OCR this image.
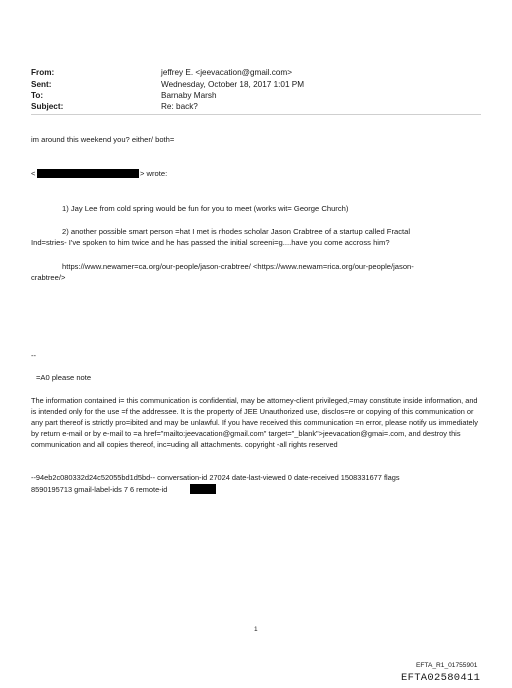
From:	jeffrey E. <jeevacation@gmail.com>
Sent:	Wednesday, October 18, 2017 1:01 PM
To:	Barnaby Marsh
Subject:	Re: back?
im around this weekend you? either/ both=
<	> wrote:
1) Jay Lee from cold spring would be fun for you to meet (works wit= George Church)
2) another possible smart person =hat I met is rhodes scholar Jason Crabtree of a startup called Fractal
Ind=stries- I've spoken to him twice and he has passed the initial screeni=g....have you come accross him?
https://www.newamer=ca.org/our-people/jason-crabtree/ <https://www.newam=rica.org/our-people/jason-
crabtree/>
--
=A0 please note
The information contained i= this communication is confidential, may be attorney-client privileged,=may constitute inside information, and is intended only for the use =f the addressee. It is the property of JEE Unauthorized use, disclos=re or copying of this communication or any part thereof is strictly pro=ibited and may be unlawful. If you have received this communication =n error, please notify us immediately by return e-mail or by e-mail to =a href="mailto:jeevacation@gmail.com" target="_blank">jeevacation@gmai=.com, and destroy this communication and all copies thereof, inc=uding all attachments. copyright -all rights reserved
--94eb2c080332d24c52055bd1d5bd-- conversation-id 27024 date-last-viewed 0 date-received 1508331677 flags
8590195713 gmail-label-ids 7 6 remote-id
1
EFTA_R1_01755901
EFTA02580411
